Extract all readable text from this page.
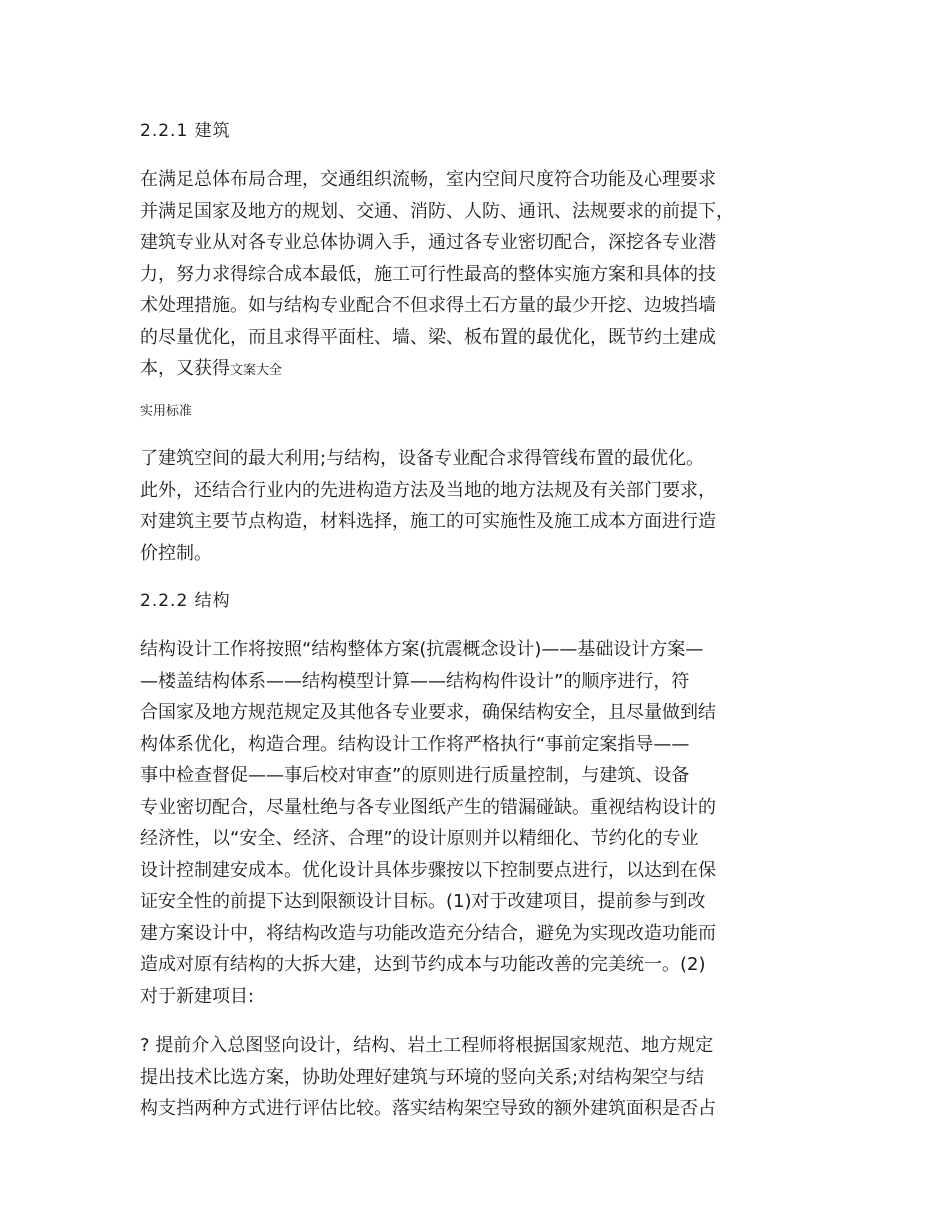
2.2.1 建筑
在满足总体布局合理，交通组织流畅，室内空间尺度符合功能及心理要求
并满足国家及地方的规划、交通、消防、人防、通讯、法规要求的前提下，
建筑专业从对各专业总体协调入手，通过各专业密切配合，深挖各专业潜
力，努力求得综合成本最低，施工可行性最高的整体实施方案和具体的技
术处理措施。如与结构专业配合不但求得土石方量的最少开挖、边坡挡墙
的尽量优化，而且求得平面柱、墙、梁、板布置的最优化，既节约土建成
本，又获得文案大全
实用标准
了建筑空间的最大利用;与结构，设备专业配合求得管线布置的最优化。
此外，还结合行业内的先进构造方法及当地的地方法规及有关部门要求，
对建筑主要节点构造，材料选择，施工的可实施性及施工成本方面进行造
价控制。
2.2.2 结构
结构设计工作将按照“结构整体方案(抗震概念设计)——基础设计方案—
—楼盖结构体系——结构模型计算——结构构件设计”的顺序进行，符
合国家及地方规范规定及其他各专业要求，确保结构安全，且尽量做到结
构体系优化，构造合理。结构设计工作将严格执行“事前定案指导——
事中检查督促——事后校对审查”的原则进行质量控制，与建筑、设备
专业密切配合，尽量杜绝与各专业图纸产生的错漏碰缺。重视结构设计的
经济性，以“安全、经济、合理”的设计原则并以精细化、节约化的专业
设计控制建安成本。优化设计具体步骤按以下控制要点进行，以达到在保
证安全性的前提下达到限额设计目标。(1)对于改建项目，提前参与到改
建方案设计中，将结构改造与功能改造充分结合，避免为实现改造功能而
造成对原有结构的大拆大建，达到节约成本与功能改善的完美统一。(2)
对于新建项目:
? 提前介入总图竖向设计，结构、岩土工程师将根据国家规范、地方规定
提出技术比选方案，协助处理好建筑与环境的竖向关系;对结构架空与结
构支挡两种方式进行评估比较。落实结构架空导致的额外建筑面积是否占
